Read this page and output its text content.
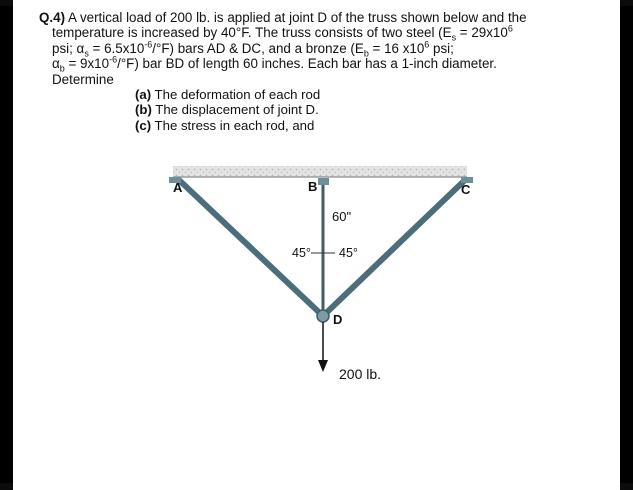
Q.4) A vertical load of 200 lb. is applied at joint D of the truss shown below and the
temperature is increased by 40°F. The truss consists of two steel ($E_s = 29x10^6$
psi; $\alpha_s = 6.5x10^{-6}/^\circ F$) bars AD & DC, and a bronze ($E_b = 16$ $x10^6$ psi;
$\alpha_b = 9x10^{-6}/^\circ F$) bar BD of length 60 inches. Each bar has a 1-inch diameter.
Determine
(a) The deformation of each rod
(b) The displacement of joint D.
(c) The stress in each rod, and
A	B	C
D
60"
45° 45°
200 lb.
